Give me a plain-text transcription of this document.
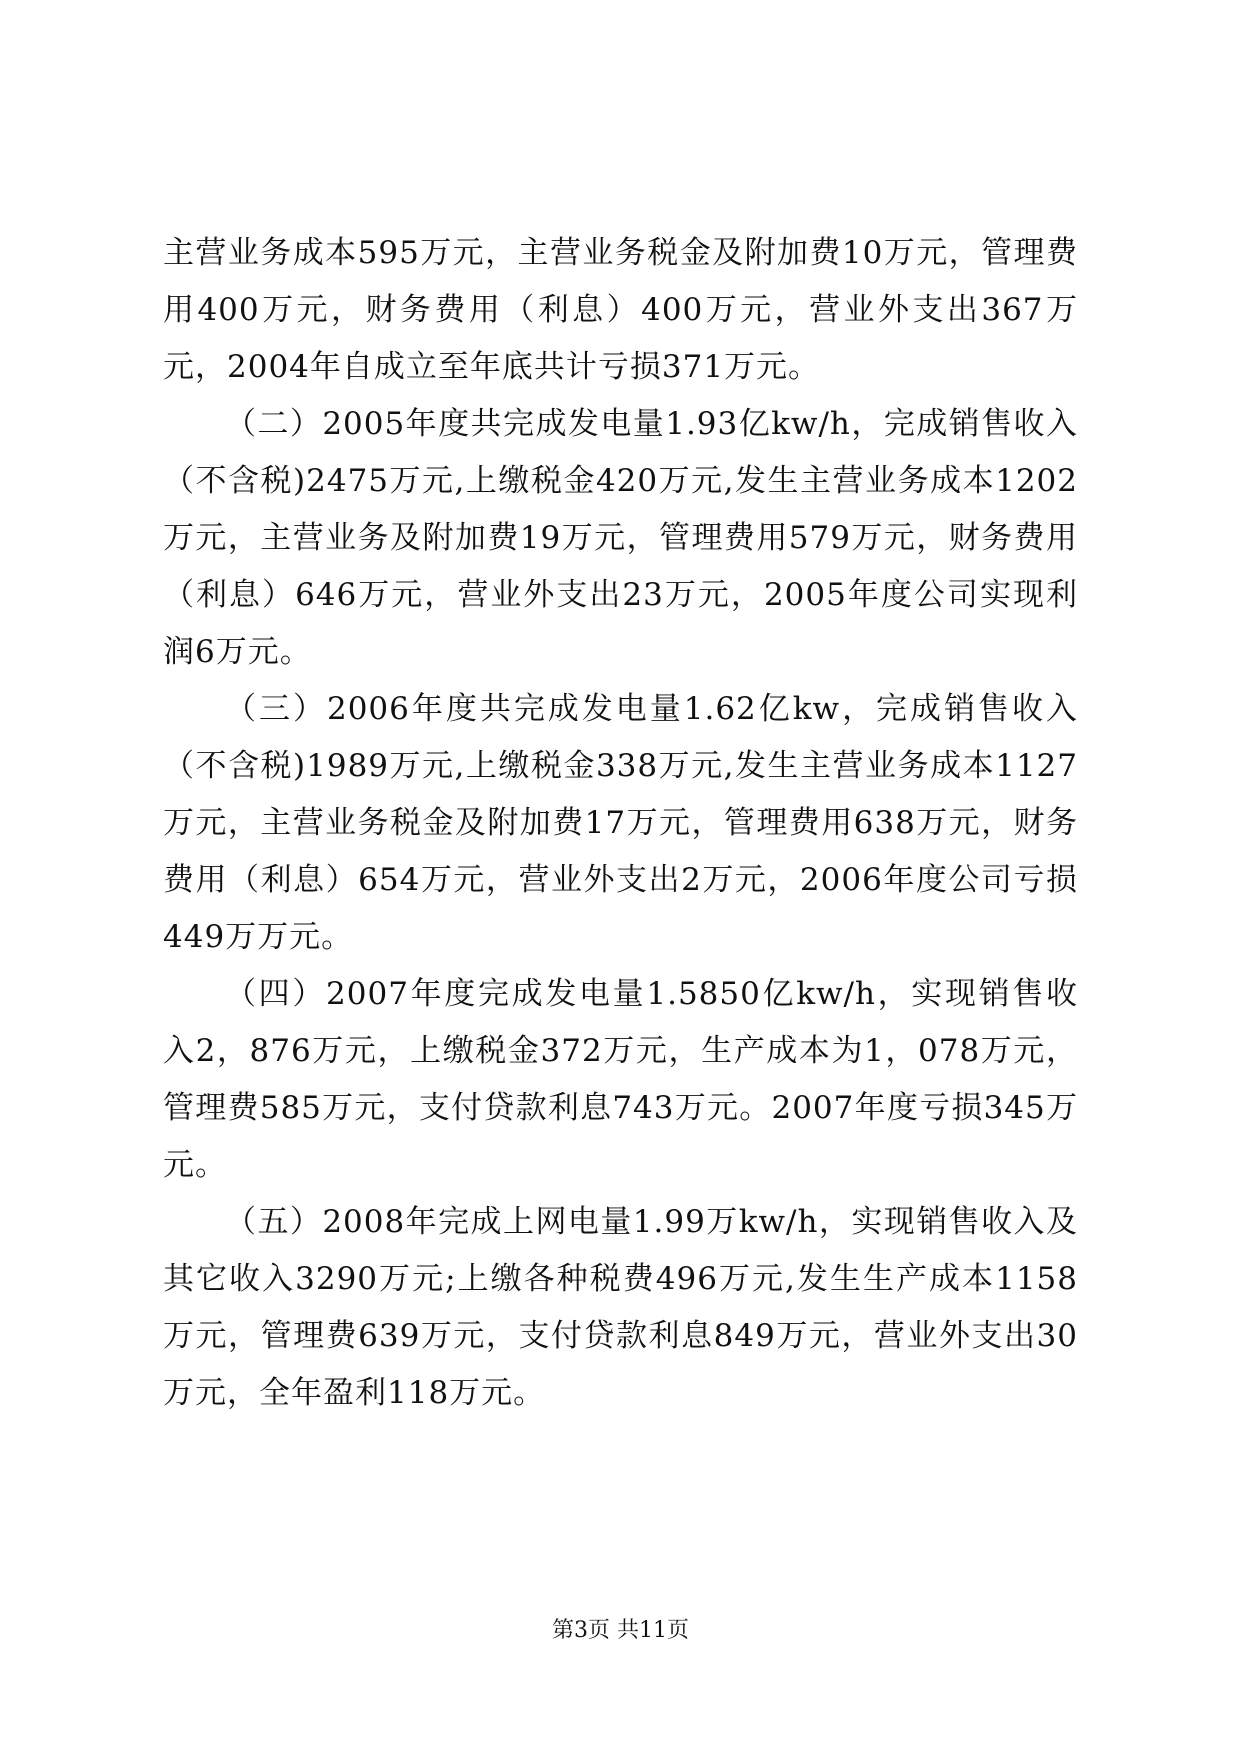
主营业务成本595万元，主营业务税金及附加费10万元，管理费用400万元，财务费用（利息）400万元，营业外支出367万元，2004年自成立至年底共计亏损371万元。

（二）2005年度共完成发电量1.93亿kw/h，完成销售收入（不含税)2475万元,上缴税金420万元,发生主营业务成本1202万元，主营业务及附加费19万元，管理费用579万元，财务费用（利息）646万元，营业外支出23万元，2005年度公司实现利润6万元。

（三）2006年度共完成发电量1.62亿kw，完成销售收入（不含税)1989万元,上缴税金338万元,发生主营业务成本1127万元，主营业务税金及附加费17万元，管理费用638万元，财务费用（利息）654万元，营业外支出2万元，2006年度公司亏损449万万元。

（四）2007年度完成发电量1.5850亿kw/h，实现销售收入2，876万元，上缴税金372万元，生产成本为1，078万元，管理费585万元，支付贷款利息743万元。2007年度亏损345万元。

（五）2008年完成上网电量1.99万kw/h，实现销售收入及其它收入3290万元;上缴各种税费496万元,发生生产成本1158万元，管理费639万元，支付贷款利息849万元，营业外支出30万元，全年盈利118万元。

第3页 共11页
